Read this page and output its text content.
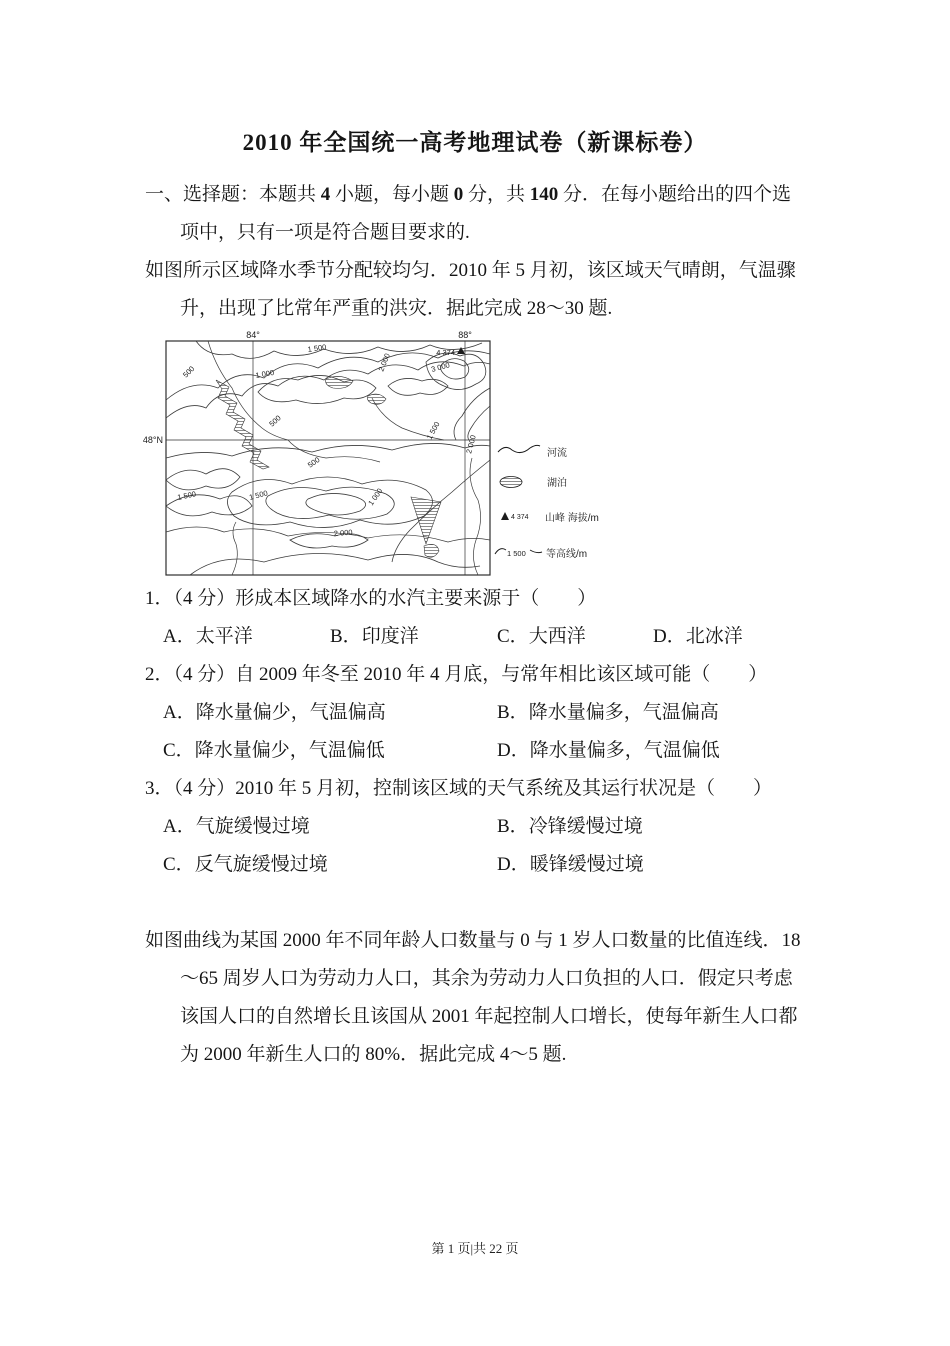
2010 年全国统一高考地理试卷（新课标卷）
一、选择题：本题共 4 小题，每小题 0 分，共 140 分．在每小题给出的四个选
项中，只有一项是符合题目要求的.
如图所示区域降水季节分配较均匀．2010 年 5 月初，该区域天气晴朗，气温骤
升，出现了比常年严重的洪灾．据此完成 28～30 题.
84°	88°
48°N
4 374
1 500
1 000
500	2 000	3 000
500	1 500
2 000
500
1 500	1 500	1 000
2 000
河流
湖泊
4 374 山峰 海拔/m
1 500 等高线/m
1．（4 分）形成本区域降水的水汽主要来源于（　　）
A．太平洋	B．印度洋	C．大西洋	D．北冰洋
2．（4 分）自 2009 年冬至 2010 年 4 月底，与常年相比该区域可能（　　）
A．降水量偏少，气温偏高	B．降水量偏多，气温偏高
C．降水量偏少，气温偏低	D．降水量偏多，气温偏低
3．（4 分）2010 年 5 月初，控制该区域的天气系统及其运行状况是（　　）
A．气旋缓慢过境	B．冷锋缓慢过境
C．反气旋缓慢过境	D．暖锋缓慢过境
如图曲线为某国 2000 年不同年龄人口数量与 0 与 1 岁人口数量的比值连线．18
～65 周岁人口为劳动力人口，其余为劳动力人口负担的人口．假定只考虑
该国人口的自然增长且该国从 2001 年起控制人口增长，使每年新生人口都
为 2000 年新生人口的 80%．据此完成 4～5 题.
第 1 页|共 22 页
